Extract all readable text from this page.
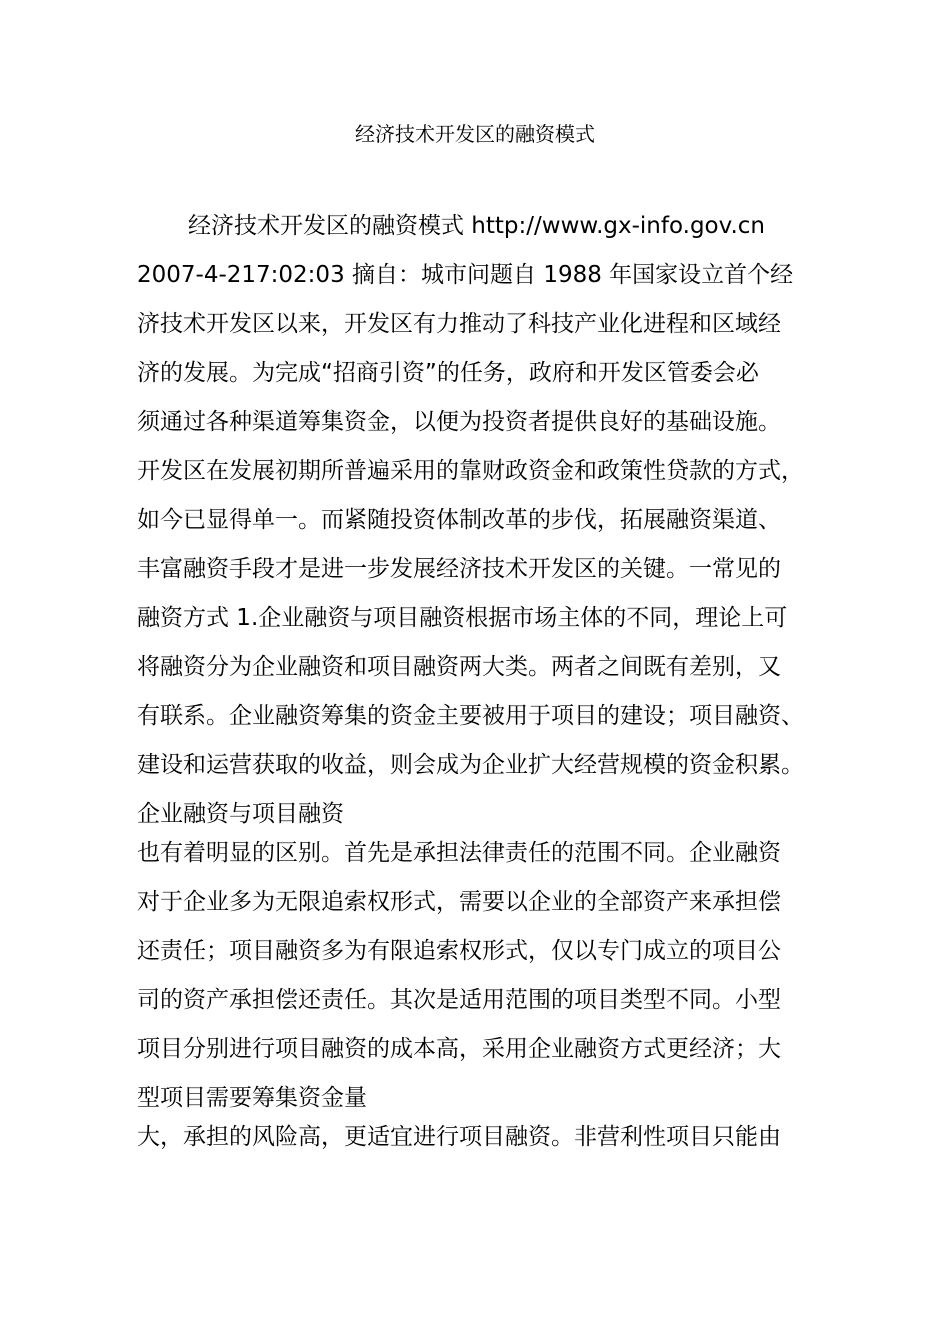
经济技术开发区的融资模式
经济技术开发区的融资模式 http://www.gx-info.gov.cn
2007-4-217:02:03 摘自：城市问题自 1988 年国家设立首个经
济技术开发区以来，开发区有力推动了科技产业化进程和区域经
济的发展。为完成“招商引资”的任务，政府和开发区管委会必
须通过各种渠道筹集资金，以便为投资者提供良好的基础设施。
开发区在发展初期所普遍采用的靠财政资金和政策性贷款的方式，
如今已显得单一。而紧随投资体制改革的步伐，拓展融资渠道、
丰富融资手段才是进一步发展经济技术开发区的关键。一常见的
融资方式 1.企业融资与项目融资根据市场主体的不同，理论上可
将融资分为企业融资和项目融资两大类。两者之间既有差别，又
有联系。企业融资筹集的资金主要被用于项目的建设；项目融资、
建设和运营获取的收益，则会成为企业扩大经营规模的资金积累。
企业融资与项目融资
也有着明显的区别。首先是承担法律责任的范围不同。企业融资
对于企业多为无限追索权形式，需要以企业的全部资产来承担偿
还责任；项目融资多为有限追索权形式，仅以专门成立的项目公
司的资产承担偿还责任。其次是适用范围的项目类型不同。小型
项目分别进行项目融资的成本高，采用企业融资方式更经济；大
型项目需要筹集资金量
大，承担的风险高，更适宜进行项目融资。非营利性项目只能由
